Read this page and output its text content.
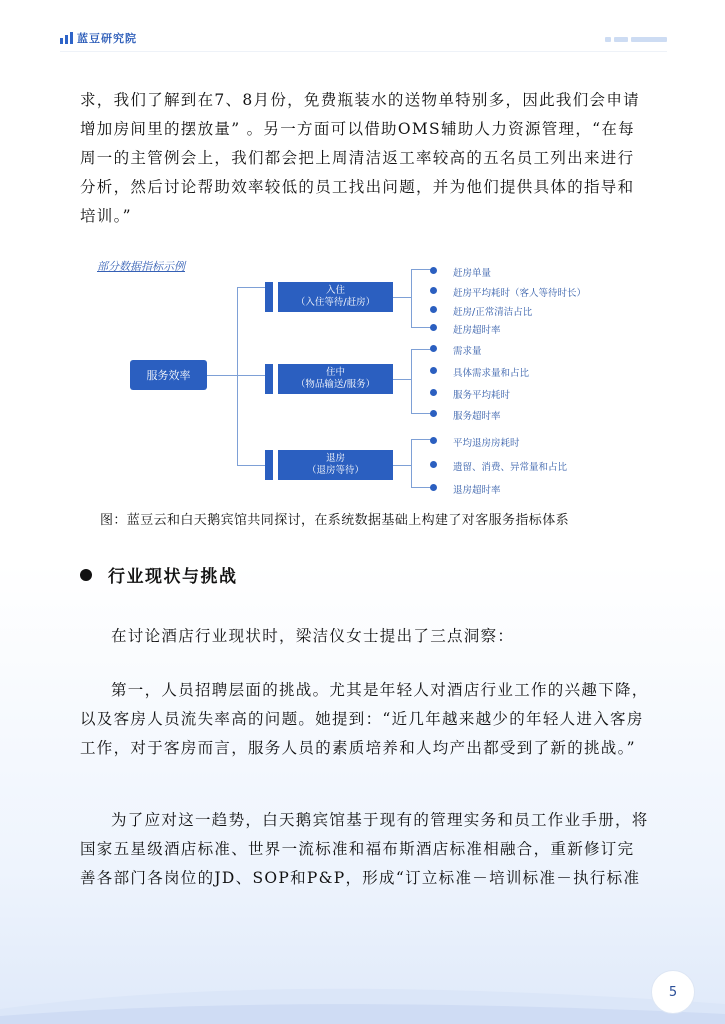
蓝豆研究院

求，我们了解到在7、8月份，免费瓶装水的送物单特别多，因此我们会申请增加房间里的摆放量” 。另一方面可以借助OMS辅助人力资源管理，“在每周一的主管例会上，我们都会把上周清洁返工率较高的五名员工列出来进行分析，然后讨论帮助效率较低的员工找出问题，并为他们提供具体的指导和培训。”

部分数据指标示例
服务效率
入住
（入住等待/赶房）
赶房单量
赶房平均耗时（客人等待时长）
赶房/正常清洁占比
赶房超时率
住中
（物品输送/服务）
需求量
具体需求量和占比
服务平均耗时
服务超时率
退房
（退房等待）
平均退房房耗时
遗留、消费、异常量和占比
退房超时率
图：蓝豆云和白天鹅宾馆共同探讨，在系统数据基础上构建了对客服务指标体系
行业现状与挑战

在讨论酒店行业现状时，梁洁仪女士提出了三点洞察：

第一，人员招聘层面的挑战。尤其是年轻人对酒店行业工作的兴趣下降，以及客房人员流失率高的问题。她提到：“近几年越来越少的年轻人进入客房工作，对于客房而言，服务人员的素质培养和人均产出都受到了新的挑战。”

为了应对这一趋势，白天鹅宾馆基于现有的管理实务和员工作业手册，将国家五星级酒店标准、世界一流标准和福布斯酒店标准相融合，重新修订完善各部门各岗位的JD、SOP和P&P，形成“订立标准－培训标准－执行标准

5
